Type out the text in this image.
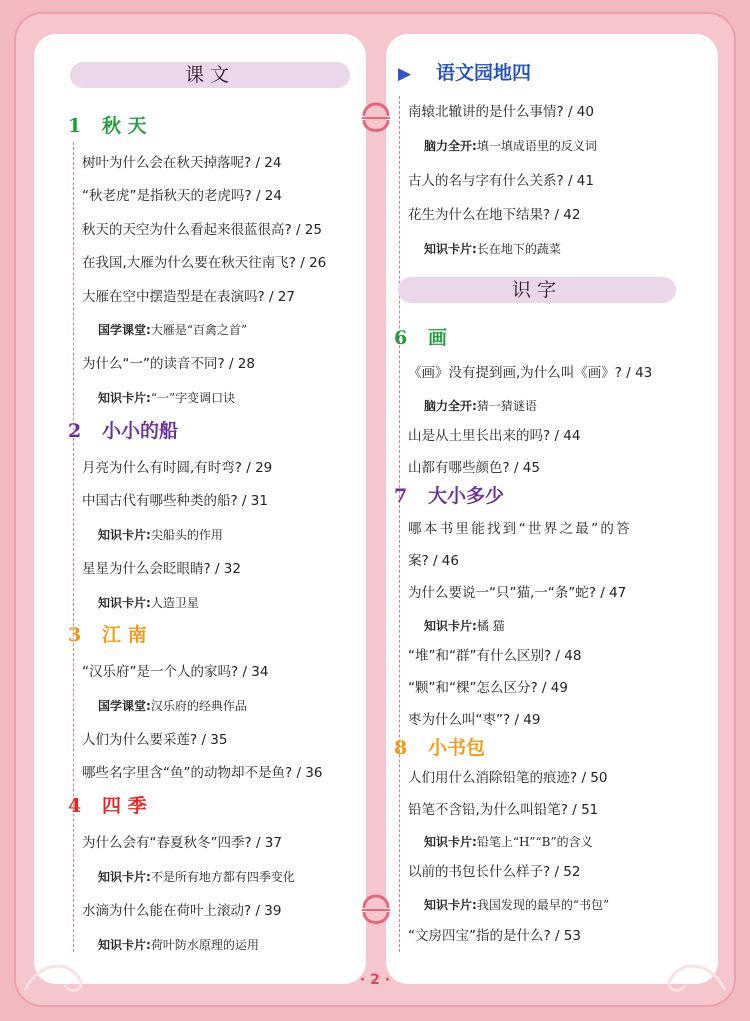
课文
1 秋 天
树叶为什么会在秋天掉落呢? / 24
“秋老虎”是指秋天的老虎吗? / 24
秋天的天空为什么看起来很蓝很高? / 25
在我国,大雁为什么要在秋天往南飞? / 26
大雁在空中摆造型是在表演吗? / 27
国学课堂:大雁是“百禽之首”
为什么“一”的读音不同? / 28
知识卡片:“一”字变调口诀
2 小小的船
月亮为什么有时圆,有时弯? / 29
中国古代有哪些种类的船? / 31
知识卡片:尖船头的作用
星星为什么会眨眼睛? / 32
知识卡片:人造卫星
3 江 南
“汉乐府”是一个人的家吗? / 34
国学课堂:汉乐府的经典作品
人们为什么要采莲? / 35
哪些名字里含“鱼”的动物却不是鱼? / 36
4 四 季
为什么会有“春夏秋冬”四季? / 37
知识卡片:不是所有地方都有四季变化
水滴为什么能在荷叶上滚动? / 39
知识卡片:荷叶防水原理的运用
▶ 语文园地四
南辕北辙讲的是什么事情? / 40
脑力全开:填一填成语里的反义词
古人的名与字有什么关系? / 41
花生为什么在地下结果? / 42
知识卡片:长在地下的蔬菜
识字
6 画
《画》没有提到画,为什么叫《画》? / 43
脑力全开:猜一猜谜语
山是从土里长出来的吗? / 44
山都有哪些颜色? / 45
7 大小多少
哪本书里能找到“世界之最”的答
案? / 46
为什么要说一“只”猫,一“条”蛇? / 47
知识卡片:橘 猫
“堆”和“群”有什么区别? / 48
“颗”和“棵”怎么区分? / 49
枣为什么叫“枣”? / 49
8 小书包
人们用什么消除铅笔的痕迹? / 50
铅笔不含铅,为什么叫铅笔? / 51
知识卡片:铅笔上“H”“B”的含义
以前的书包长什么样子? / 52
知识卡片:我国发现的最早的“书包”
“文房四宝”指的是什么? / 53
· 2 ·
